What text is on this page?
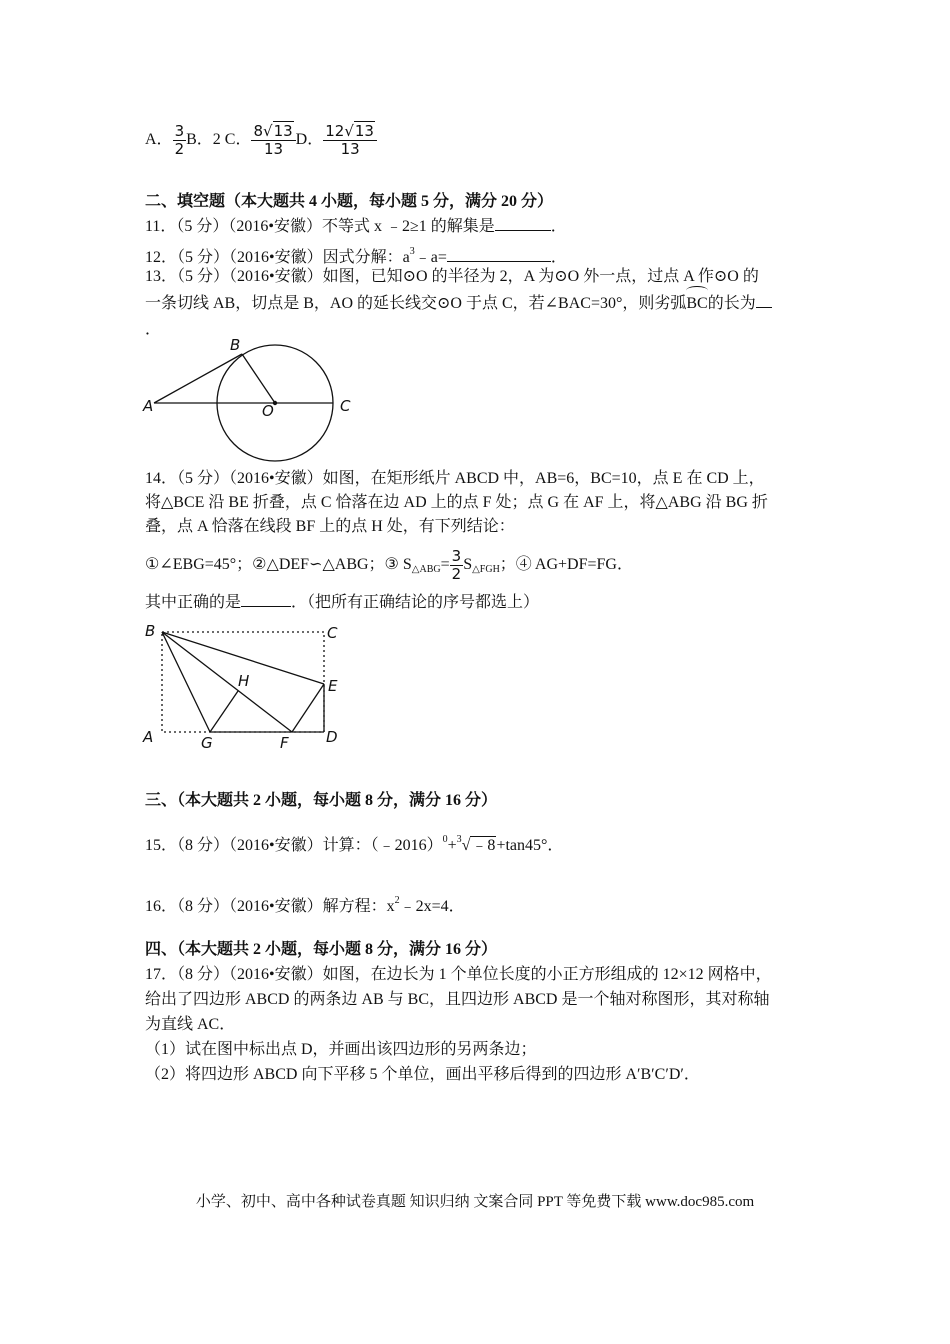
A． $\frac{3}{2}$ B．2 C． $\frac{8√13}{13}$ D． $\frac{12√13}{13}$
二、填空题（本大题共 4 小题，每小题 5 分，满分 20 分）
11．（5 分）（2016•安徽）不等式 x ﹣2≥1 的解集是	．
12．（5 分）（2016•安徽）因式分解：$a^3﹣a=$	．
13．（5 分）（2016•安徽）如图，已知⊙O 的半径为 2，A 为⊙O 外一点，过点 A 作⊙O 的
一条切线 AB，切点是 B，AO 的延长线交⊙O 于点 C，若∠BAC=30°，则劣弧BC的长为
．
A
B
O	C
14．（5 分）（2016•安徽）如图，在矩形纸片 ABCD 中，AB=6，BC=10，点 E 在 CD 上，
将△BCE 沿 BE 折叠，点 C 恰落在边 AD 上的点 F 处；点 G 在 AF 上，将△ABG 沿 BG 折
叠，点 A 恰落在线段 BF 上的点 H 处，有下列结论：
①∠EBG=45°；②△DEF∽△ABG；③ $S_{\triangle ABG}= \frac{3}{2} S_{\triangle FGH}$；④ AG+DF=FG．
其中正确的是	．（把所有正确结论的序号都选上）
B	C
H	E
A	G	F D
三、（本大题共 2 小题，每小题 8 分，满分 16 分）
15．（8 分）（2016•安徽）计算：（﹣2016）$^0$+$^3$√﹣8+tan45°．
16．（8 分）（2016•安徽）解方程：$x^2﹣2x=4$．
四、（本大题共 2 小题，每小题 8 分，满分 16 分）
17．（8 分）（2016•安徽）如图，在边长为 1 个单位长度的小正方形组成的 12×12 网格中，
给出了四边形 ABCD 的两条边 AB 与 BC，且四边形 ABCD 是一个轴对称图形，其对称轴
为直线 AC．
（1）试在图中标出点 D，并画出该四边形的另两条边；
（2）将四边形 ABCD 向下平移 5 个单位，画出平移后得到的四边形 A′B′C′D′．
小学、初中、高中各种试卷真题 知识归纳 文案合同 PPT 等免费下载 www.doc985.com
